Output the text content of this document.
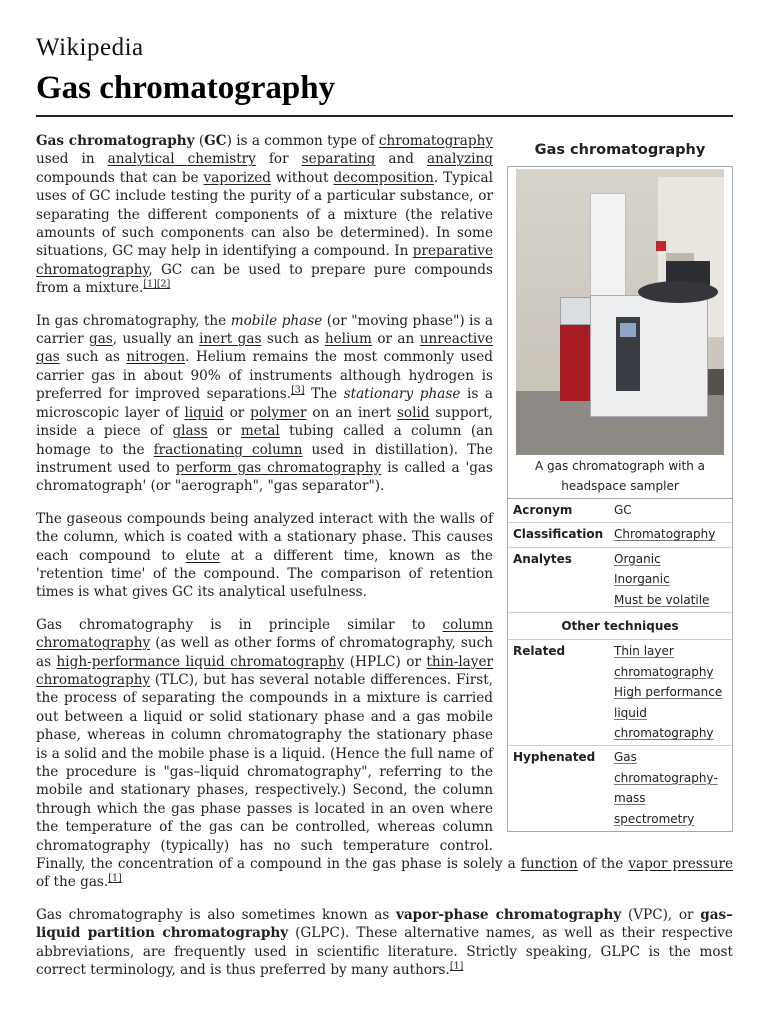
Wikipedia
Gas chromatography
Gas chromatography
A gas chromatograph with a headspace sampler
Acronym	GC
Classification	Chromatography

Analytes	Organic
Inorganic
Must be volatile

Other techniques	
Related	Thin layer chromatography
High performance liquid chromatography

Hyphenated	Gas chromatography-mass spectrometry

Gas chromatography (GC) is a common type of chromatography used in analytical chemistry for separating and analyzing compounds that can be vaporized without decomposition. Typical uses of GC include testing the purity of a particular substance, or separating the different components of a mixture (the relative amounts of such components can also be determined). In some situations, GC may help in identifying a compound. In preparative chromatography, GC can be used to prepare pure compounds from a mixture.[1][2]

In gas chromatography, the mobile phase (or "moving phase") is a carrier gas, usually an inert gas such as helium or an unreactive gas such as nitrogen. Helium remains the most commonly used carrier gas in about 90% of instruments although hydrogen is preferred for improved separations.[3] The stationary phase is a microscopic layer of liquid or polymer on an inert solid support, inside a piece of glass or metal tubing called a column (an homage to the fractionating column used in distillation). The instrument used to perform gas chromatography is called a 'gas chromatograph' (or "aerograph", "gas separator").

The gaseous compounds being analyzed interact with the walls of the column, which is coated with a stationary phase. This causes each compound to elute at a different time, known as the 'retention time' of the compound. The comparison of retention times is what gives GC its analytical usefulness.

Gas chromatography is in principle similar to column chromatography (as well as other forms of chromatography, such as high-performance liquid chromatography (HPLC) or thin-layer chromatography (TLC), but has several notable differences. First, the process of separating the compounds in a mixture is carried out between a liquid or solid stationary phase and a gas mobile phase, whereas in column chromatography the stationary phase is a solid and the mobile phase is a liquid. (Hence the full name of the procedure is "gas–liquid chromatography", referring to the mobile and stationary phases, respectively.) Second, the column through which the gas phase passes is located in an oven where the temperature of the gas can be controlled, whereas column chromatography (typically) has no such temperature control. Finally, the concentration of a compound in the gas phase is solely a function of the vapor pressure of the gas.[1]

Gas chromatography is also sometimes known as vapor-phase chromatography (VPC), or gas–liquid partition chromatography (GLPC). These alternative names, as well as their respective abbreviations, are frequently used in scientific literature. Strictly speaking, GLPC is the most correct terminology, and is thus preferred by many authors.[1]
